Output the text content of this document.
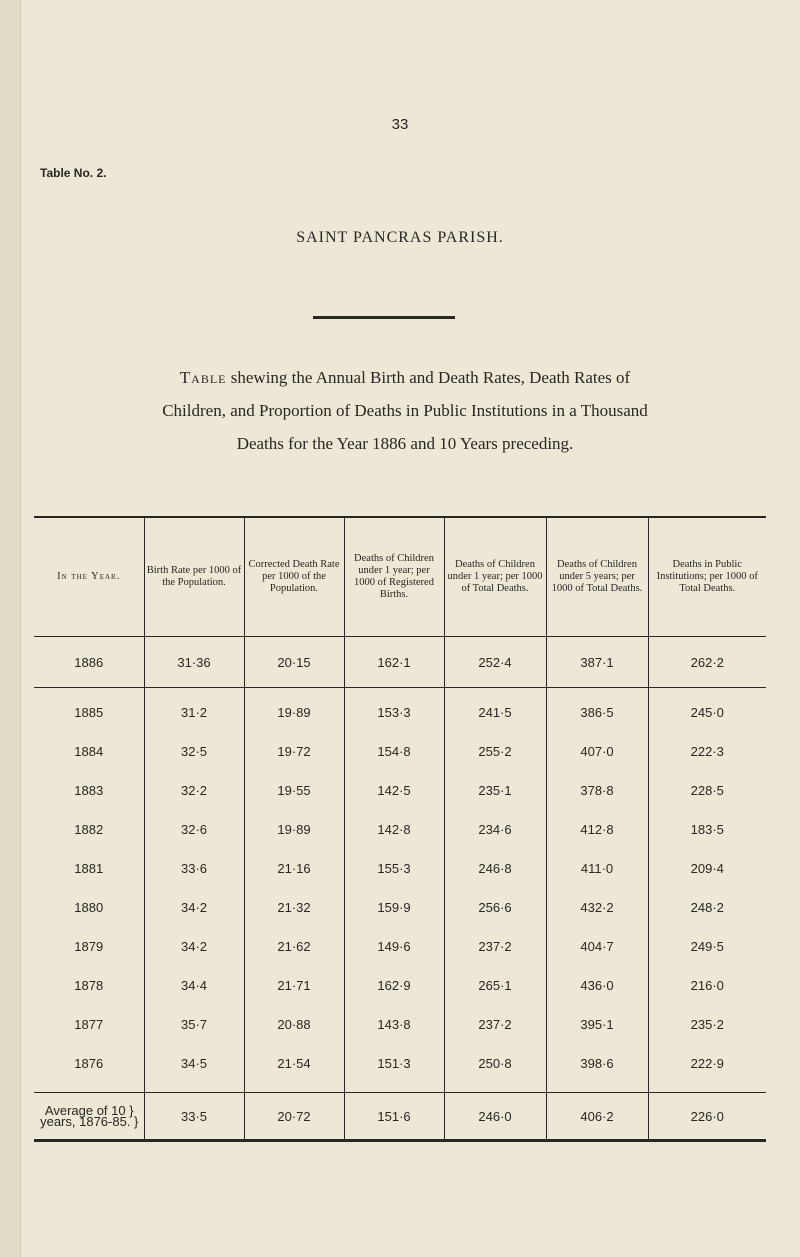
33
Table No. 2.
SAINT PANCRAS PARISH.
Table shewing the Annual Birth and Death Rates, Death Rates of
Children, and Proportion of Deaths in Public Institutions in a Thousand
Deaths for the Year 1886 and 10 Years preceding.
In the Year.	Birth Rate per 1000 of the Population.	Corrected Death Rate per 1000 of the Population.	Deaths of Children under 1 year; per 1000 of Registered Births.	Deaths of Children under 1 year; per 1000 of Total Deaths.	Deaths of Children under 5 years; per 1000 of Total Deaths.	Deaths in Public Institutions; per 1000 of Total Deaths.
1886	31·36	20·15	162·1	252·4	387·1	262·2
1885	31·2	19·89	153·3	241·5	386·5	245·0
1884	32·5	19·72	154·8	255·2	407·0	222·3
1883	32·2	19·55	142·5	235·1	378·8	228·5
1882	32·6	19·89	142·8	234·6	412·8	183·5
1881	33·6	21·16	155·3	246·8	411·0	209·4
1880	34·2	21·32	159·9	256·6	432·2	248·2
1879	34·2	21·62	149·6	237·2	404·7	249·5
1878	34·4	21·71	162·9	265·1	436·0	216·0
1877	35·7	20·88	143·8	237·2	395·1	235·2
1876	34·5	21·54	151·3	250·8	398·6	222·9
Average of 10 }
years, 1876-85. }	33·5	20·72	151·6	246·0	406·2	226·0
